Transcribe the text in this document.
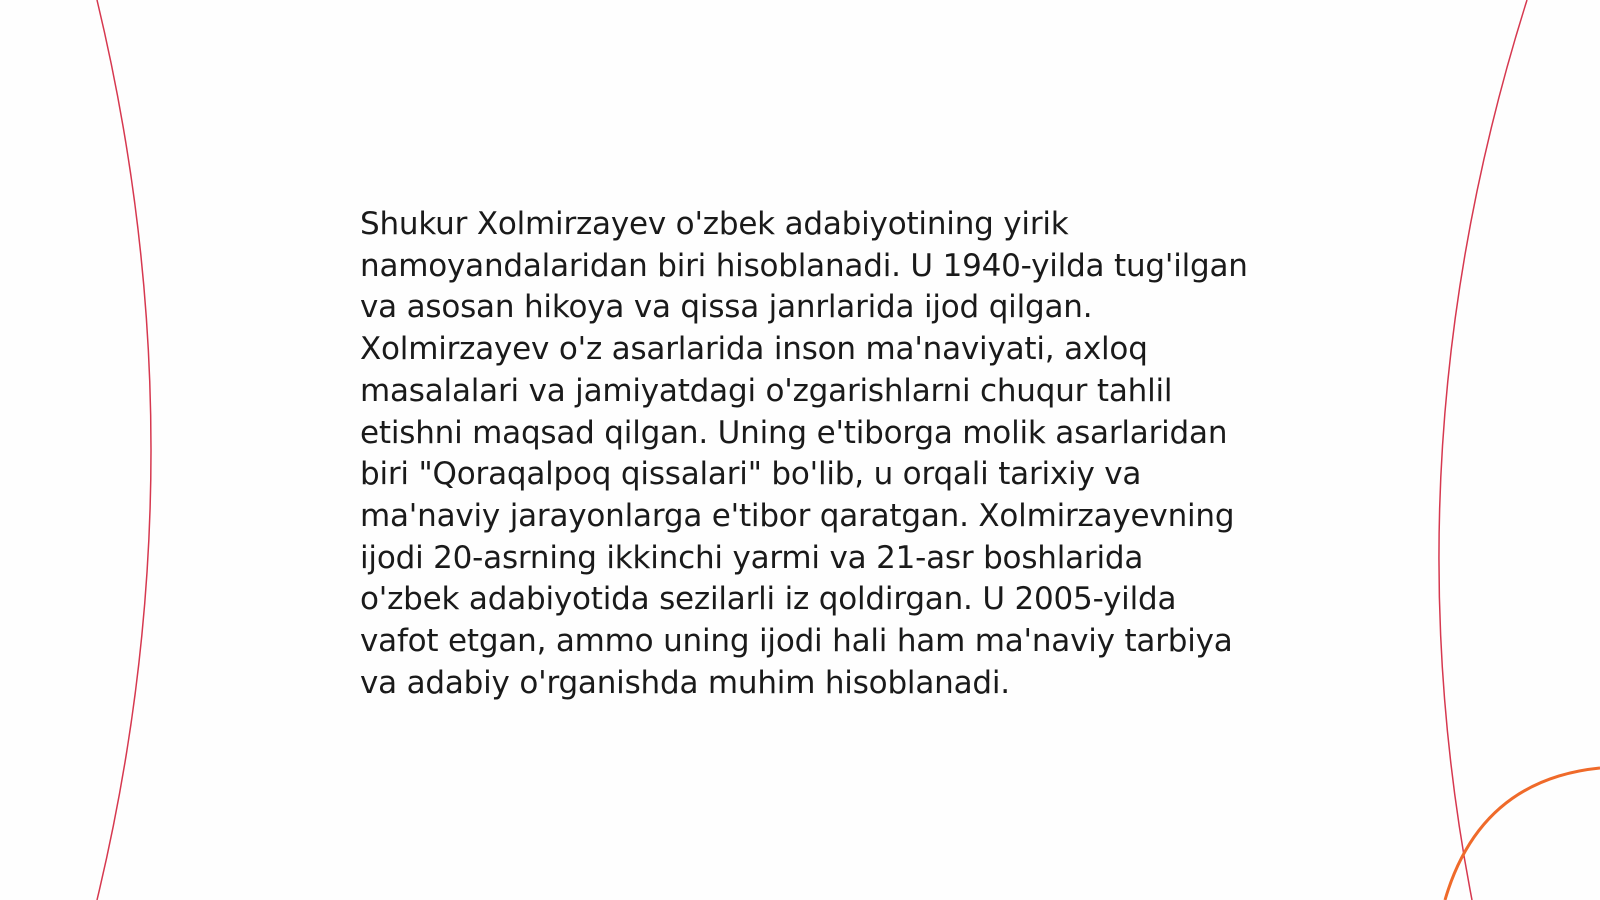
Shukur Xolmirzayev o'zbek adabiyotining yirik namoyandalaridan biri hisoblanadi. U 1940-yilda tug'ilgan va asosan hikoya va qissa janrlarida ijod qilgan. Xolmirzayev o'z asarlarida inson ma'naviyati, axloq masalalari va jamiyatdagi o'zgarishlarni chuqur tahlil etishni maqsad qilgan. Uning e'tiborga molik asarlaridan biri "Qoraqalpoq qissalari" bo'lib, u orqali tarixiy va ma'naviy jarayonlarga e'tibor qaratgan. Xolmirzayevning ijodi 20-asrning ikkinchi yarmi va 21-asr boshlarida o'zbek adabiyotida sezilarli iz qoldirgan. U 2005-yilda vafot etgan, ammo uning ijodi hali ham ma'naviy tarbiya va adabiy o'rganishda muhim hisoblanadi.
